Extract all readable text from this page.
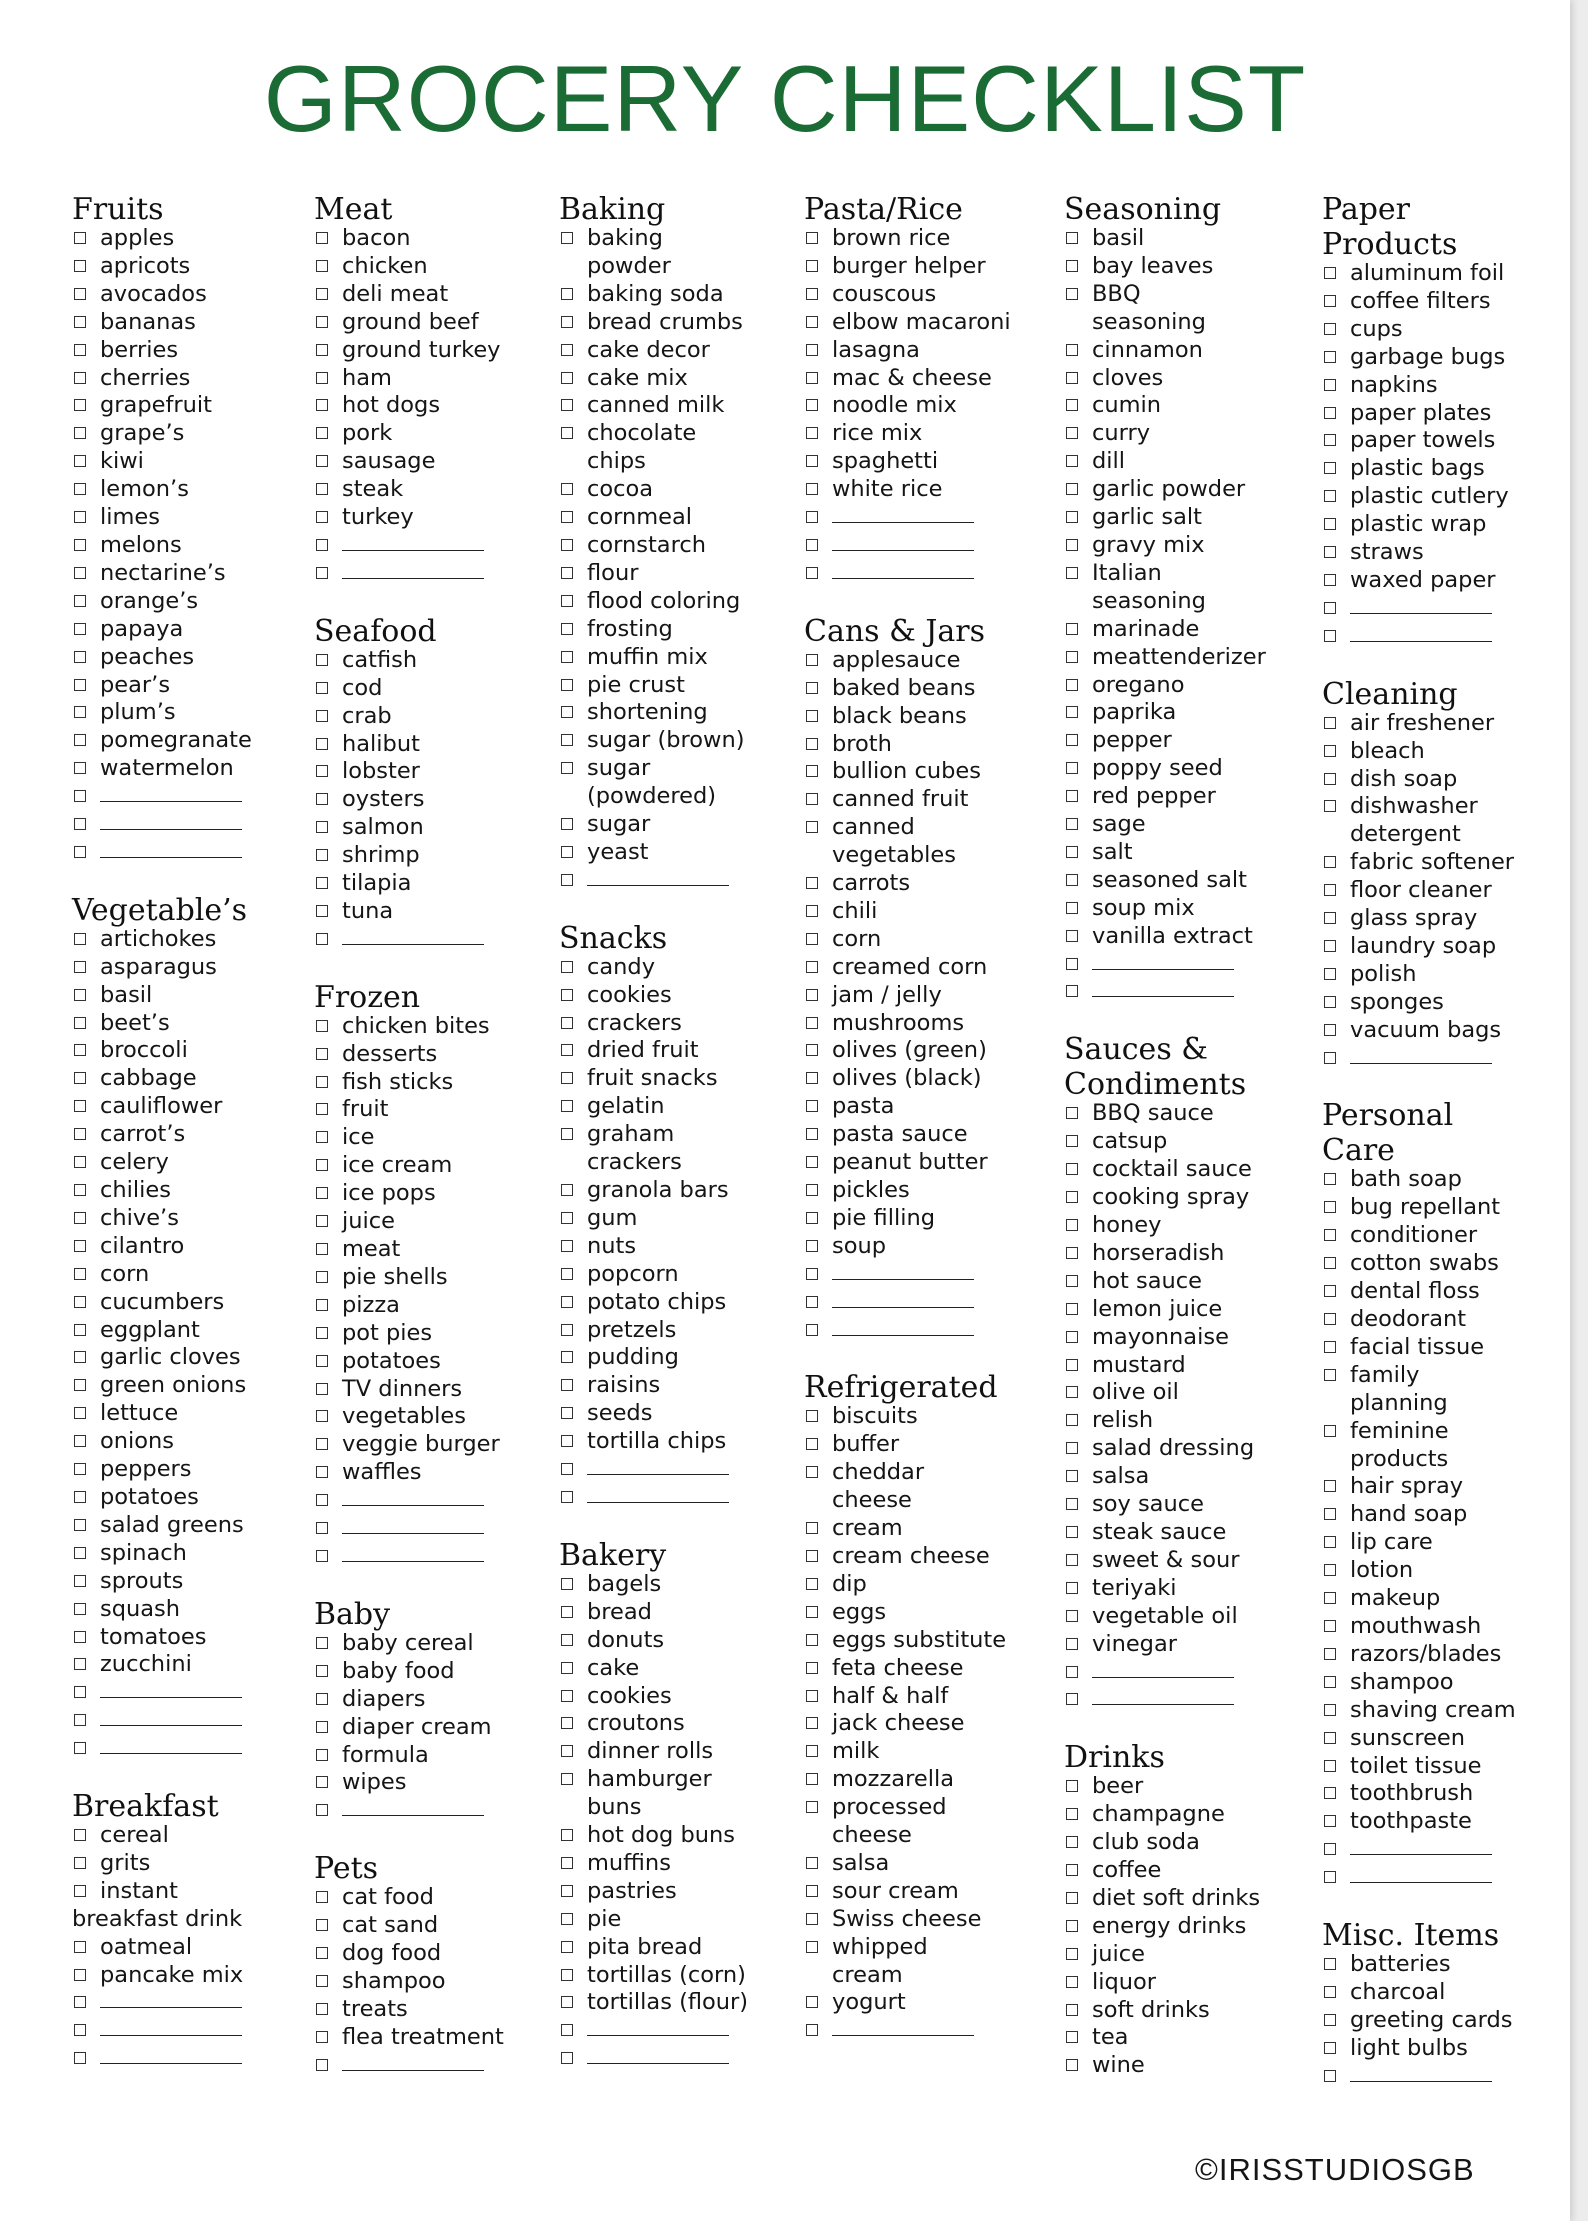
GROCERY CHECKLIST
Fruits
apples
apricots
avocados
bananas
berries
cherries
grapefruit
grape’s
kiwi
lemon’s
limes
melons
nectarine’s
orange’s
papaya
peaches
pear’s
plum’s
pomegranate
watermelon
Vegetable’s
artichokes
asparagus
basil
beet’s
broccoli
cabbage
cauliflower
carrot’s
celery
chilies
chive’s
cilantro
corn
cucumbers
eggplant
garlic cloves
green onions
lettuce
onions
peppers
potatoes
salad greens
spinach
sprouts
squash
tomatoes
zucchini
Breakfast
cereal
grits
instant
breakfast drink
oatmeal
pancake mix
Meat
bacon
chicken
deli meat
ground beef
ground turkey
ham
hot dogs
pork
sausage
steak
turkey
Seafood
catfish
cod
crab
halibut
lobster
oysters
salmon
shrimp
tilapia
tuna
Frozen
chicken bites
desserts
fish sticks
fruit
ice
ice cream
ice pops
juice
meat
pie shells
pizza
pot pies
potatoes
TV dinners
vegetables
veggie burger
waffles
Baby
baby cereal
baby food
diapers
diaper cream
formula
wipes
Pets
cat food
cat sand
dog food
shampoo
treats
flea treatment
Baking
baking
powder
baking soda
bread crumbs
cake decor
cake mix
canned milk
chocolate
chips
cocoa
cornmeal
cornstarch
flour
flood coloring
frosting
muffin mix
pie crust
shortening
sugar (brown)
sugar
(powdered)
sugar
yeast
Snacks
candy
cookies
crackers
dried fruit
fruit snacks
gelatin
graham
crackers
granola bars
gum
nuts
popcorn
potato chips
pretzels
pudding
raisins
seeds
tortilla chips
Bakery
bagels
bread
donuts
cake
cookies
croutons
dinner rolls
hamburger
buns
hot dog buns
muffins
pastries
pie
pita bread
tortillas (corn)
tortillas (flour)
Pasta/Rice
brown rice
burger helper
couscous
elbow macaroni
lasagna
mac & cheese
noodle mix
rice mix
spaghetti
white rice
Cans & Jars
applesauce
baked beans
black beans
broth
bullion cubes
canned fruit
canned
vegetables
carrots
chili
corn
creamed corn
jam / jelly
mushrooms
olives (green)
olives (black)
pasta
pasta sauce
peanut butter
pickles
pie filling
soup
Refrigerated
biscuits
buffer
cheddar
cheese
cream
cream cheese
dip
eggs
eggs substitute
feta cheese
half & half
jack cheese
milk
mozzarella
processed
cheese
salsa
sour cream
Swiss cheese
whipped
cream
yogurt
Seasoning
basil
bay leaves
BBQ
seasoning
cinnamon
cloves
cumin
curry
dill
garlic powder
garlic salt
gravy mix
Italian
seasoning
marinade
meattenderizer
oregano
paprika
pepper
poppy seed
red pepper
sage
salt
seasoned salt
soup mix
vanilla extract
Sauces &
Condiments
BBQ sauce
catsup
cocktail sauce
cooking spray
honey
horseradish
hot sauce
lemon juice
mayonnaise
mustard
olive oil
relish
salad dressing
salsa
soy sauce
steak sauce
sweet & sour
teriyaki
vegetable oil
vinegar
Drinks
beer
champagne
club soda
coffee
diet soft drinks
energy drinks
juice
liquor
soft drinks
tea
wine
Paper
Products
aluminum foil
coffee filters
cups
garbage bugs
napkins
paper plates
paper towels
plastic bags
plastic cutlery
plastic wrap
straws
waxed paper
Cleaning
air freshener
bleach
dish soap
dishwasher
detergent
fabric softener
floor cleaner
glass spray
laundry soap
polish
sponges
vacuum bags
Personal
Care
bath soap
bug repellant
conditioner
cotton swabs
dental floss
deodorant
facial tissue
family
planning
feminine
products
hair spray
hand soap
lip care
lotion
makeup
mouthwash
razors/blades
shampoo
shaving cream
sunscreen
toilet tissue
toothbrush
toothpaste
Misc. Items
batteries
charcoal
greeting cards
light bulbs
©IRISSTUDIOSGB
